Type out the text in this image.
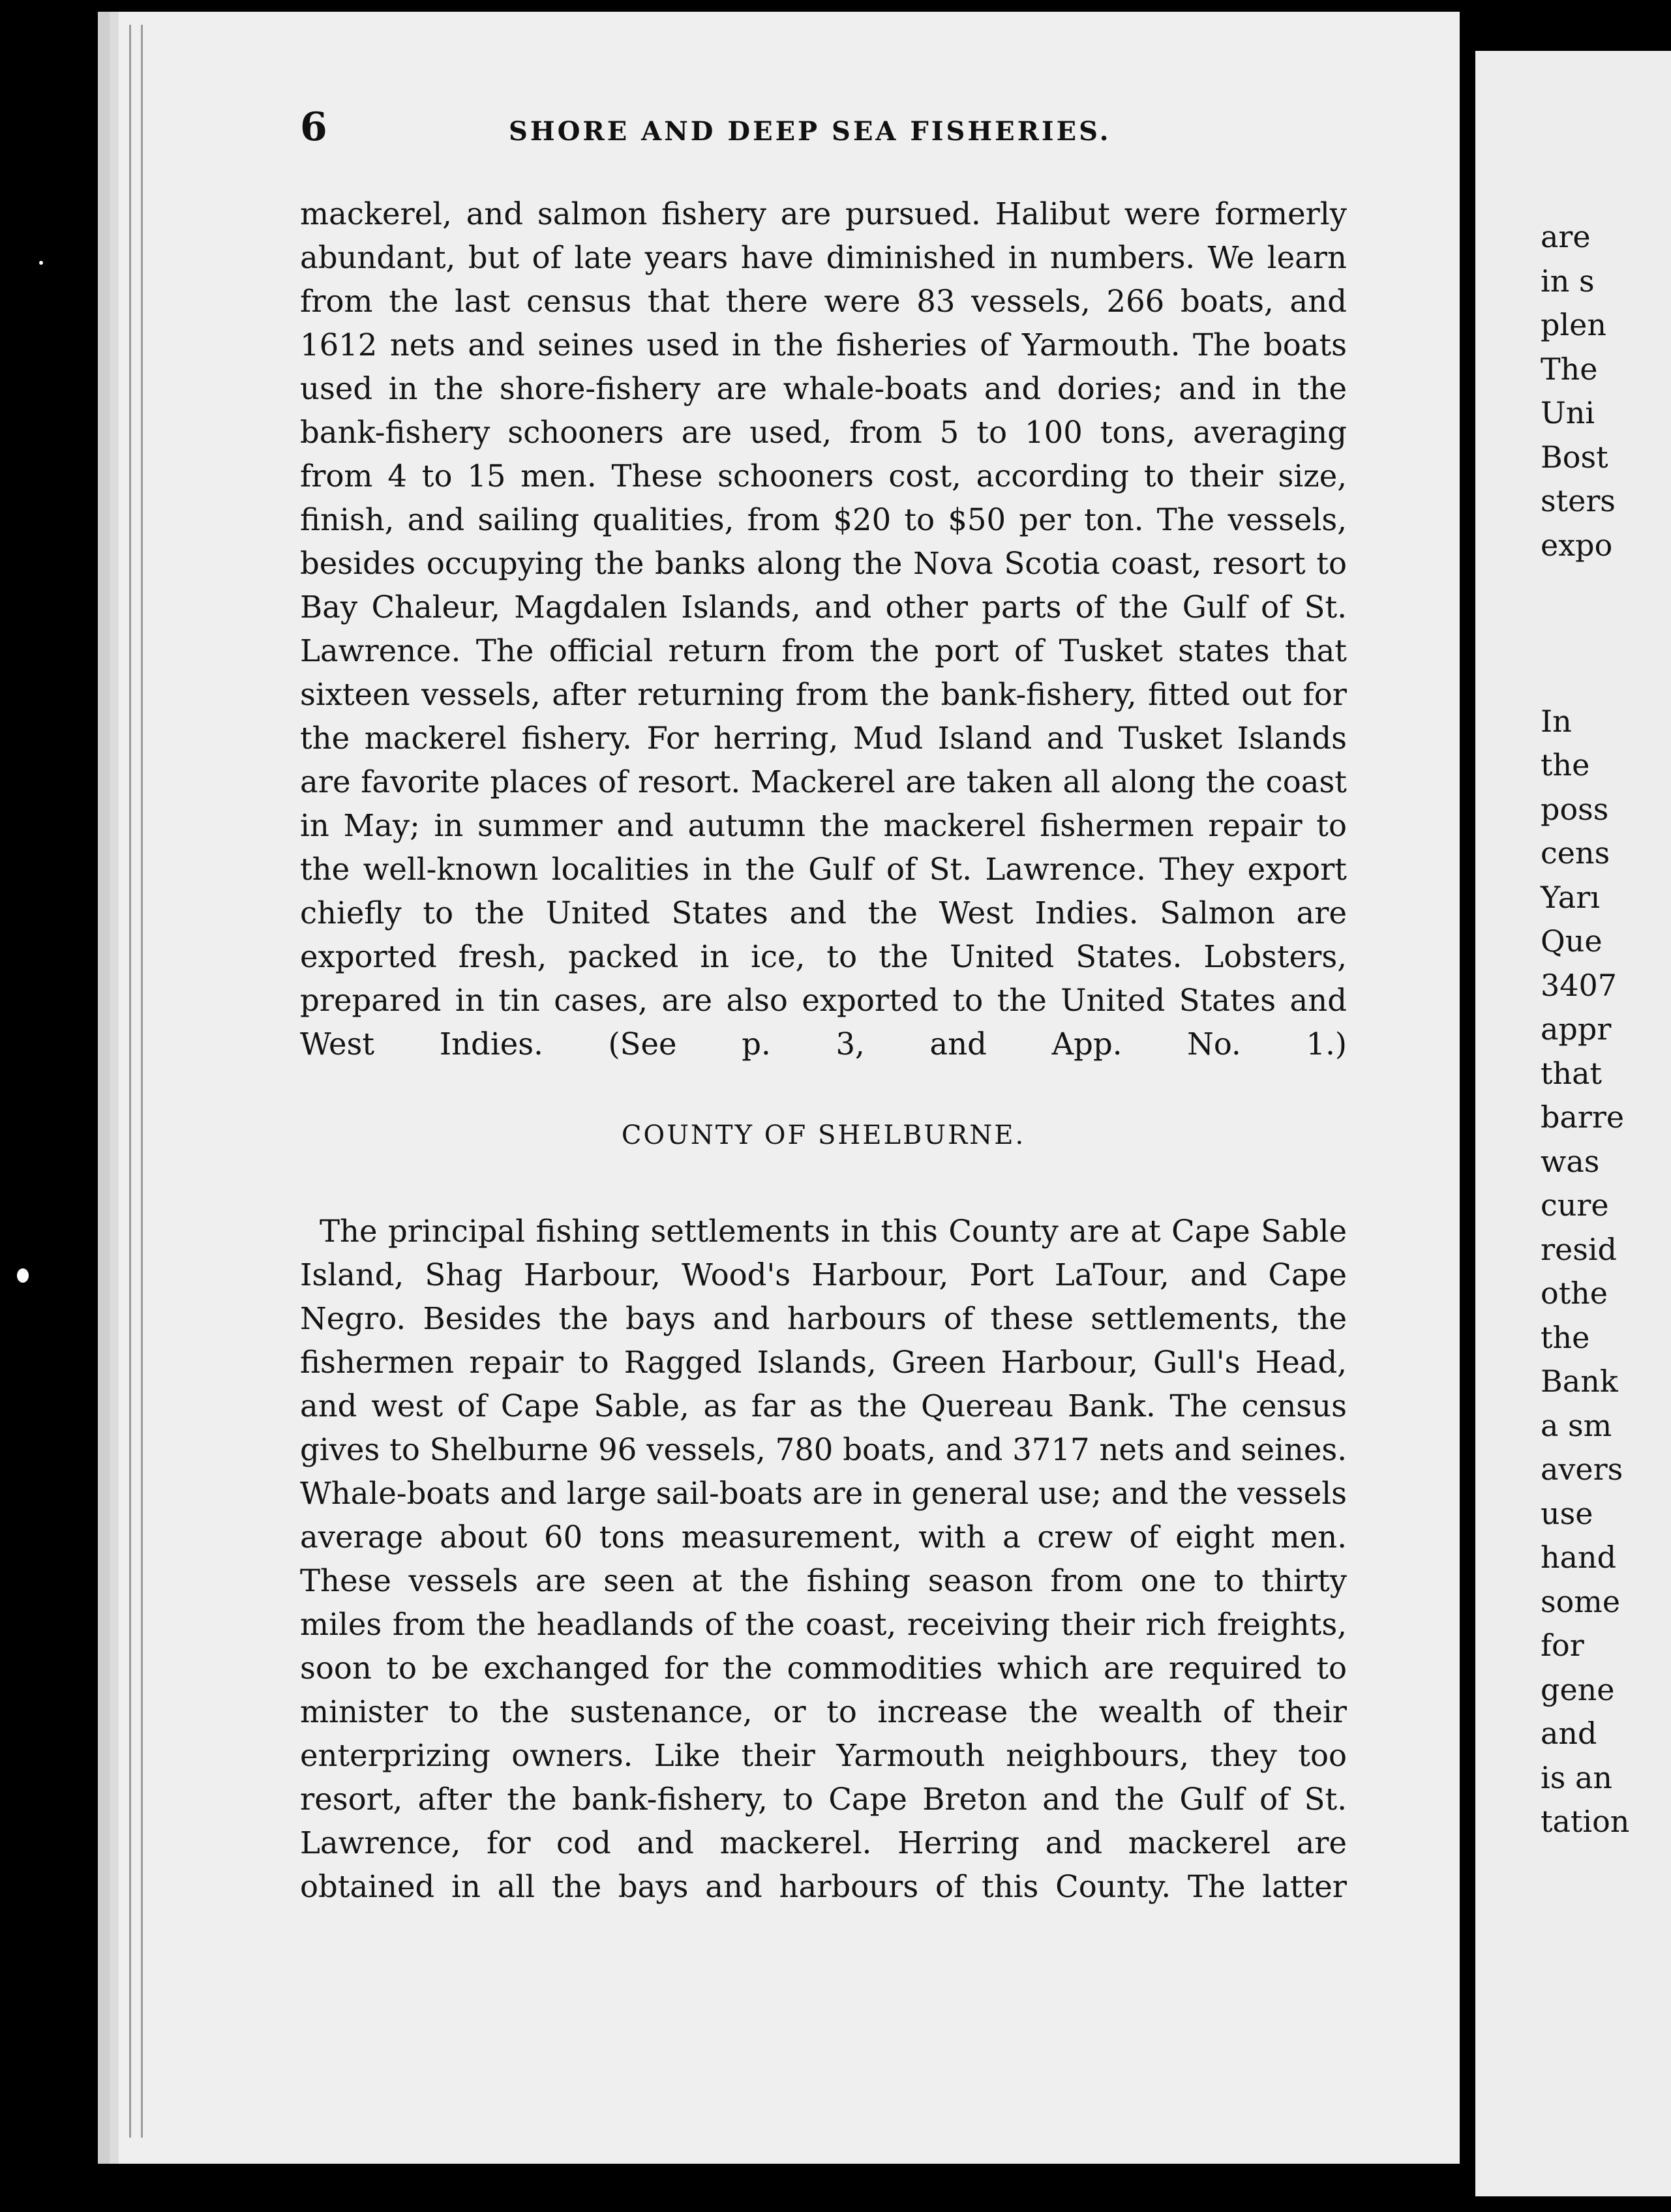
6	SHORE AND DEEP SEA FISHERIES.

mackerel, and salmon fishery are pursued. Halibut were formerly abundant, but of late years have diminished in numbers. We learn from the last census that there were 83 vessels, 266 boats, and 1612 nets and seines used in the fisheries of Yarmouth. The boats used in the shore-fishery are whale-boats and dories; and in the bank-fishery schooners are used, from 5 to 100 tons, averaging from 4 to 15 men. These schooners cost, according to their size, finish, and sailing qualities, from $20 to $50 per ton. The vessels, besides occupying the banks along the Nova Scotia coast, resort to Bay Chaleur, Magdalen Islands, and other parts of the Gulf of St. Lawrence. The official return from the port of Tusket states that sixteen vessels, after returning from the bank-fishery, fitted out for the mackerel fishery. For herring, Mud Island and Tusket Islands are favorite places of resort. Mackerel are taken all along the coast in May; in summer and autumn the mackerel fishermen repair to the well-known localities in the Gulf of St. Lawrence. They export chiefly to the United States and the West Indies. Salmon are exported fresh, packed in ice, to the United States. Lobsters, prepared in tin cases, are also exported to the United States and West Indies. (See p. 3, and App. No. 1.)

COUNTY OF SHELBURNE.

The principal fishing settlements in this County are at Cape Sable Island, Shag Harbour, Wood's Harbour, Port LaTour, and Cape Negro. Besides the bays and harbours of these settlements, the fishermen repair to Ragged Islands, Green Harbour, Gull's Head, and west of Cape Sable, as far as the Quereau Bank. The census gives to Shelburne 96 vessels, 780 boats, and 3717 nets and seines. Whale-boats and large sail-boats are in general use; and the vessels average about 60 tons measurement, with a crew of eight men. These vessels are seen at the fishing season from one to thirty miles from the headlands of the coast, receiving their rich freights, soon to be exchanged for the commodities which are required to minister to the sustenance, or to increase the wealth of their enterprizing owners. Like their Yarmouth neighbours, they too resort, after the bank-fishery, to Cape Breton and the Gulf of St. Lawrence, for cod and mackerel. Herring and mackerel are obtained in all the bays and harbours of this County. The latter

are
in s
plen
The
Uni
Bost
sters
expo

In
the
poss
cens
Yarı
Que
3407
appr
that
barre
was
cure
resid
othe
the
Bank
a sm
avers
use
hand
some
for
gene
and
is an
tation
